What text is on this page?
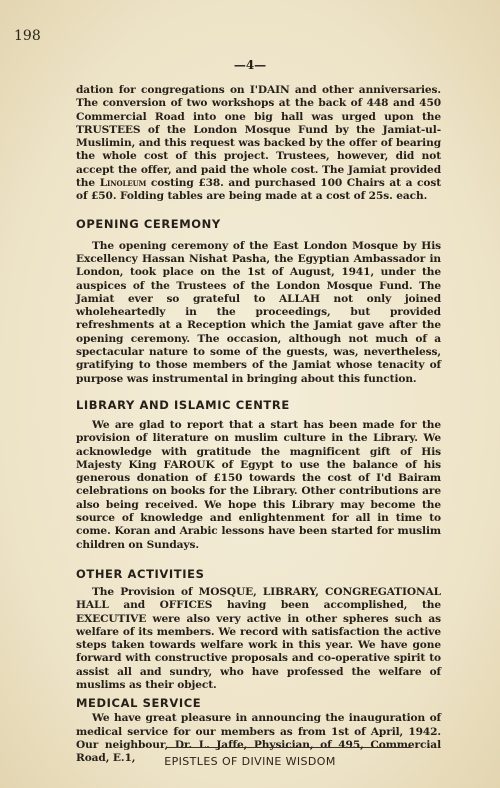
198
—4—

dation for congregations on I'DAIN and other anniversaries. The conversion of two workshops at the back of 448 and 450 Commercial Road into one big hall was urged upon the TRUSTEES of the London Mosque Fund by the Jamiat-ul-Muslimin, and this request was backed by the offer of bearing the whole cost of this project. Trustees, however, did not accept the offer, and paid the whole cost. The Jamiat provided the Linoleum costing £38. and purchased 100 Chairs at a cost of £50. Folding tables are being made at a cost of 25s. each.

OPENING CEREMONY

The opening ceremony of the East London Mosque by His Excellency Hassan Nishat Pasha, the Egyptian Ambassador in London, took place on the 1st of August, 1941, under the auspices of the Trustees of the London Mosque Fund. The Jamiat ever so grateful to ALLAH not only joined wholeheartedly in the proceedings, but provided refreshments at a Reception which the Jamiat gave after the opening ceremony. The occasion, although not much of a spectacular nature to some of the guests, was, nevertheless, gratifying to those members of the Jamiat whose tenacity of purpose was instrumental in bringing about this function.

LIBRARY AND ISLAMIC CENTRE

We are glad to report that a start has been made for the provision of literature on muslim culture in the Library. We acknowledge with gratitude the magnificent gift of His Majesty King FAROUK of Egypt to use the balance of his generous donation of £150 towards the cost of I'd Bairam celebrations on books for the Library. Other contributions are also being received. We hope this Library may become the source of knowledge and enlightenment for all in time to come. Koran and Arabic lessons have been started for muslim children on Sundays.

OTHER ACTIVITIES

The Provision of MOSQUE, LIBRARY, CONGREGATIONAL HALL and OFFICES having been accomplished, the EXECUTIVE were also very active in other spheres such as welfare of its members. We record with satisfaction the active steps taken towards welfare work in this year. We have gone forward with constructive proposals and co-operative spirit to assist all and sundry, who have professed the welfare of muslims as their object.

MEDICAL SERVICE

We have great pleasure in announcing the inauguration of medical service for our members as from 1st of April, 1942. Our neighbour, Dr. L. Jaffe, Physician, of 495, Commercial Road, E.1,	EPISTLES OF DIVINE WISDOM
